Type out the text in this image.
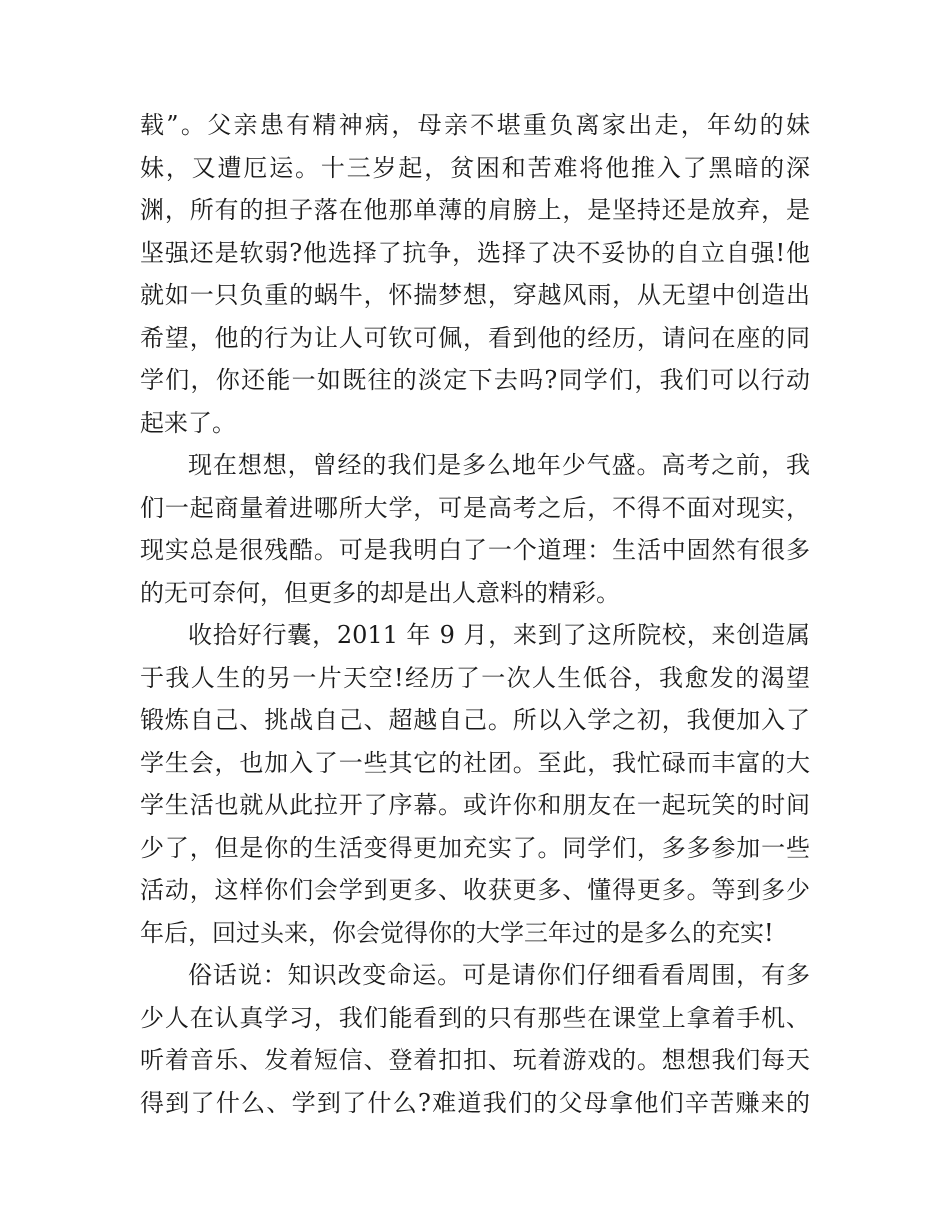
载”。父亲患有精神病，母亲不堪重负离家出走，年幼的妹
妹，又遭厄运。十三岁起，贫困和苦难将他推入了黑暗的深
渊，所有的担子落在他那单薄的肩膀上，是坚持还是放弃，是
坚强还是软弱?他选择了抗争，选择了决不妥协的自立自强!他
就如一只负重的蜗牛，怀揣梦想，穿越风雨，从无望中创造出
希望，他的行为让人可钦可佩，看到他的经历，请问在座的同
学们，你还能一如既往的淡定下去吗?同学们，我们可以行动
起来了。
现在想想，曾经的我们是多么地年少气盛。高考之前，我
们一起商量着进哪所大学，可是高考之后，不得不面对现实，
现实总是很残酷。可是我明白了一个道理：生活中固然有很多
的无可奈何，但更多的却是出人意料的精彩。
收拾好行囊，2011 年 9 月，来到了这所院校，来创造属
于我人生的另一片天空!经历了一次人生低谷，我愈发的渴望
锻炼自己、挑战自己、超越自己。所以入学之初，我便加入了
学生会，也加入了一些其它的社团。至此，我忙碌而丰富的大
学生活也就从此拉开了序幕。或许你和朋友在一起玩笑的时间
少了，但是你的生活变得更加充实了。同学们，多多参加一些
活动，这样你们会学到更多、收获更多、懂得更多。等到多少
年后，回过头来，你会觉得你的大学三年过的是多么的充实!
俗话说：知识改变命运。可是请你们仔细看看周围，有多
少人在认真学习，我们能看到的只有那些在课堂上拿着手机、
听着音乐、发着短信、登着扣扣、玩着游戏的。想想我们每天
得到了什么、学到了什么?难道我们的父母拿他们辛苦赚来的
